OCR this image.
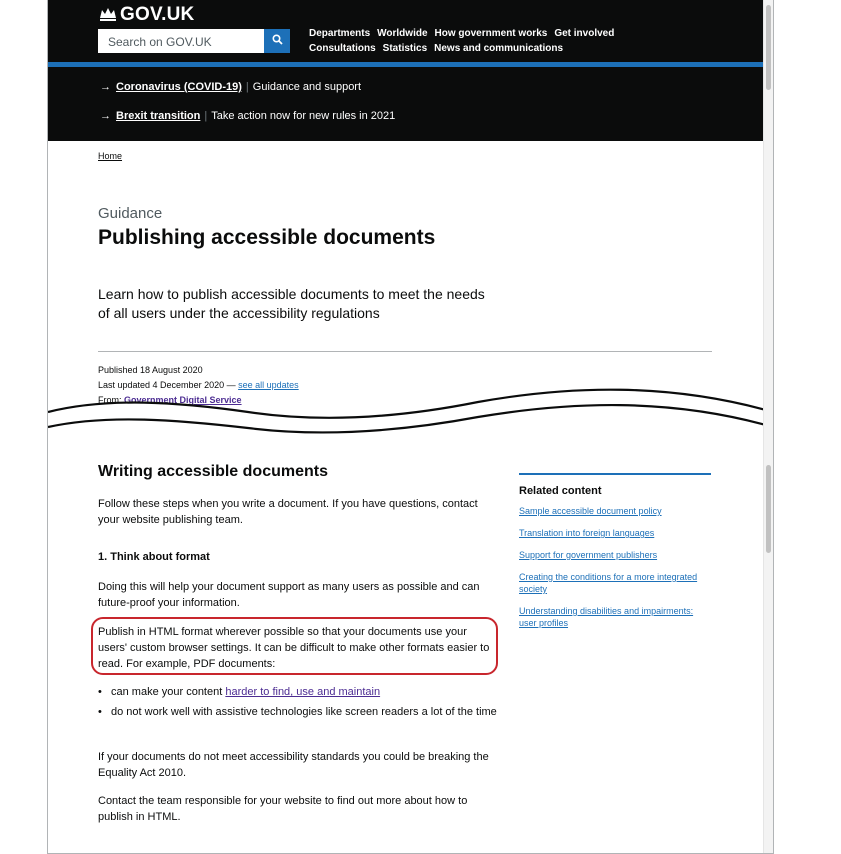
GOV.UK
Search on GOV.UK
Departments Worldwide How government works Get involved
Consultations Statistics News and communications
→ Coronavirus (COVID-19) | Guidance and support
→ Brexit transition | Take action now for new rules in 2021
Home
Guidance
Publishing accessible documents
Learn how to publish accessible documents to meet the needs of all users under the accessibility regulations
Published 18 August 2020
Last updated 4 December 2020 — see all updates
From: Government Digital Service
Writing accessible documents
Follow these steps when you write a document. If you have questions, contact your website publishing team.
1. Think about format
Doing this will help your document support as many users as possible and can future-proof your information.
Publish in HTML format wherever possible so that your documents use your users' custom browser settings. It can be difficult to make other formats easier to read. For example, PDF documents:
• can make your content harder to find, use and maintain
• do not work well with assistive technologies like screen readers a lot of the time
If your documents do not meet accessibility standards you could be breaking the Equality Act 2010.
Contact the team responsible for your website to find out more about how to publish in HTML.
Related content
Sample accessible document policy
Translation into foreign languages
Support for government publishers
Creating the conditions for a more integrated society
Understanding disabilities and impairments: user profiles
